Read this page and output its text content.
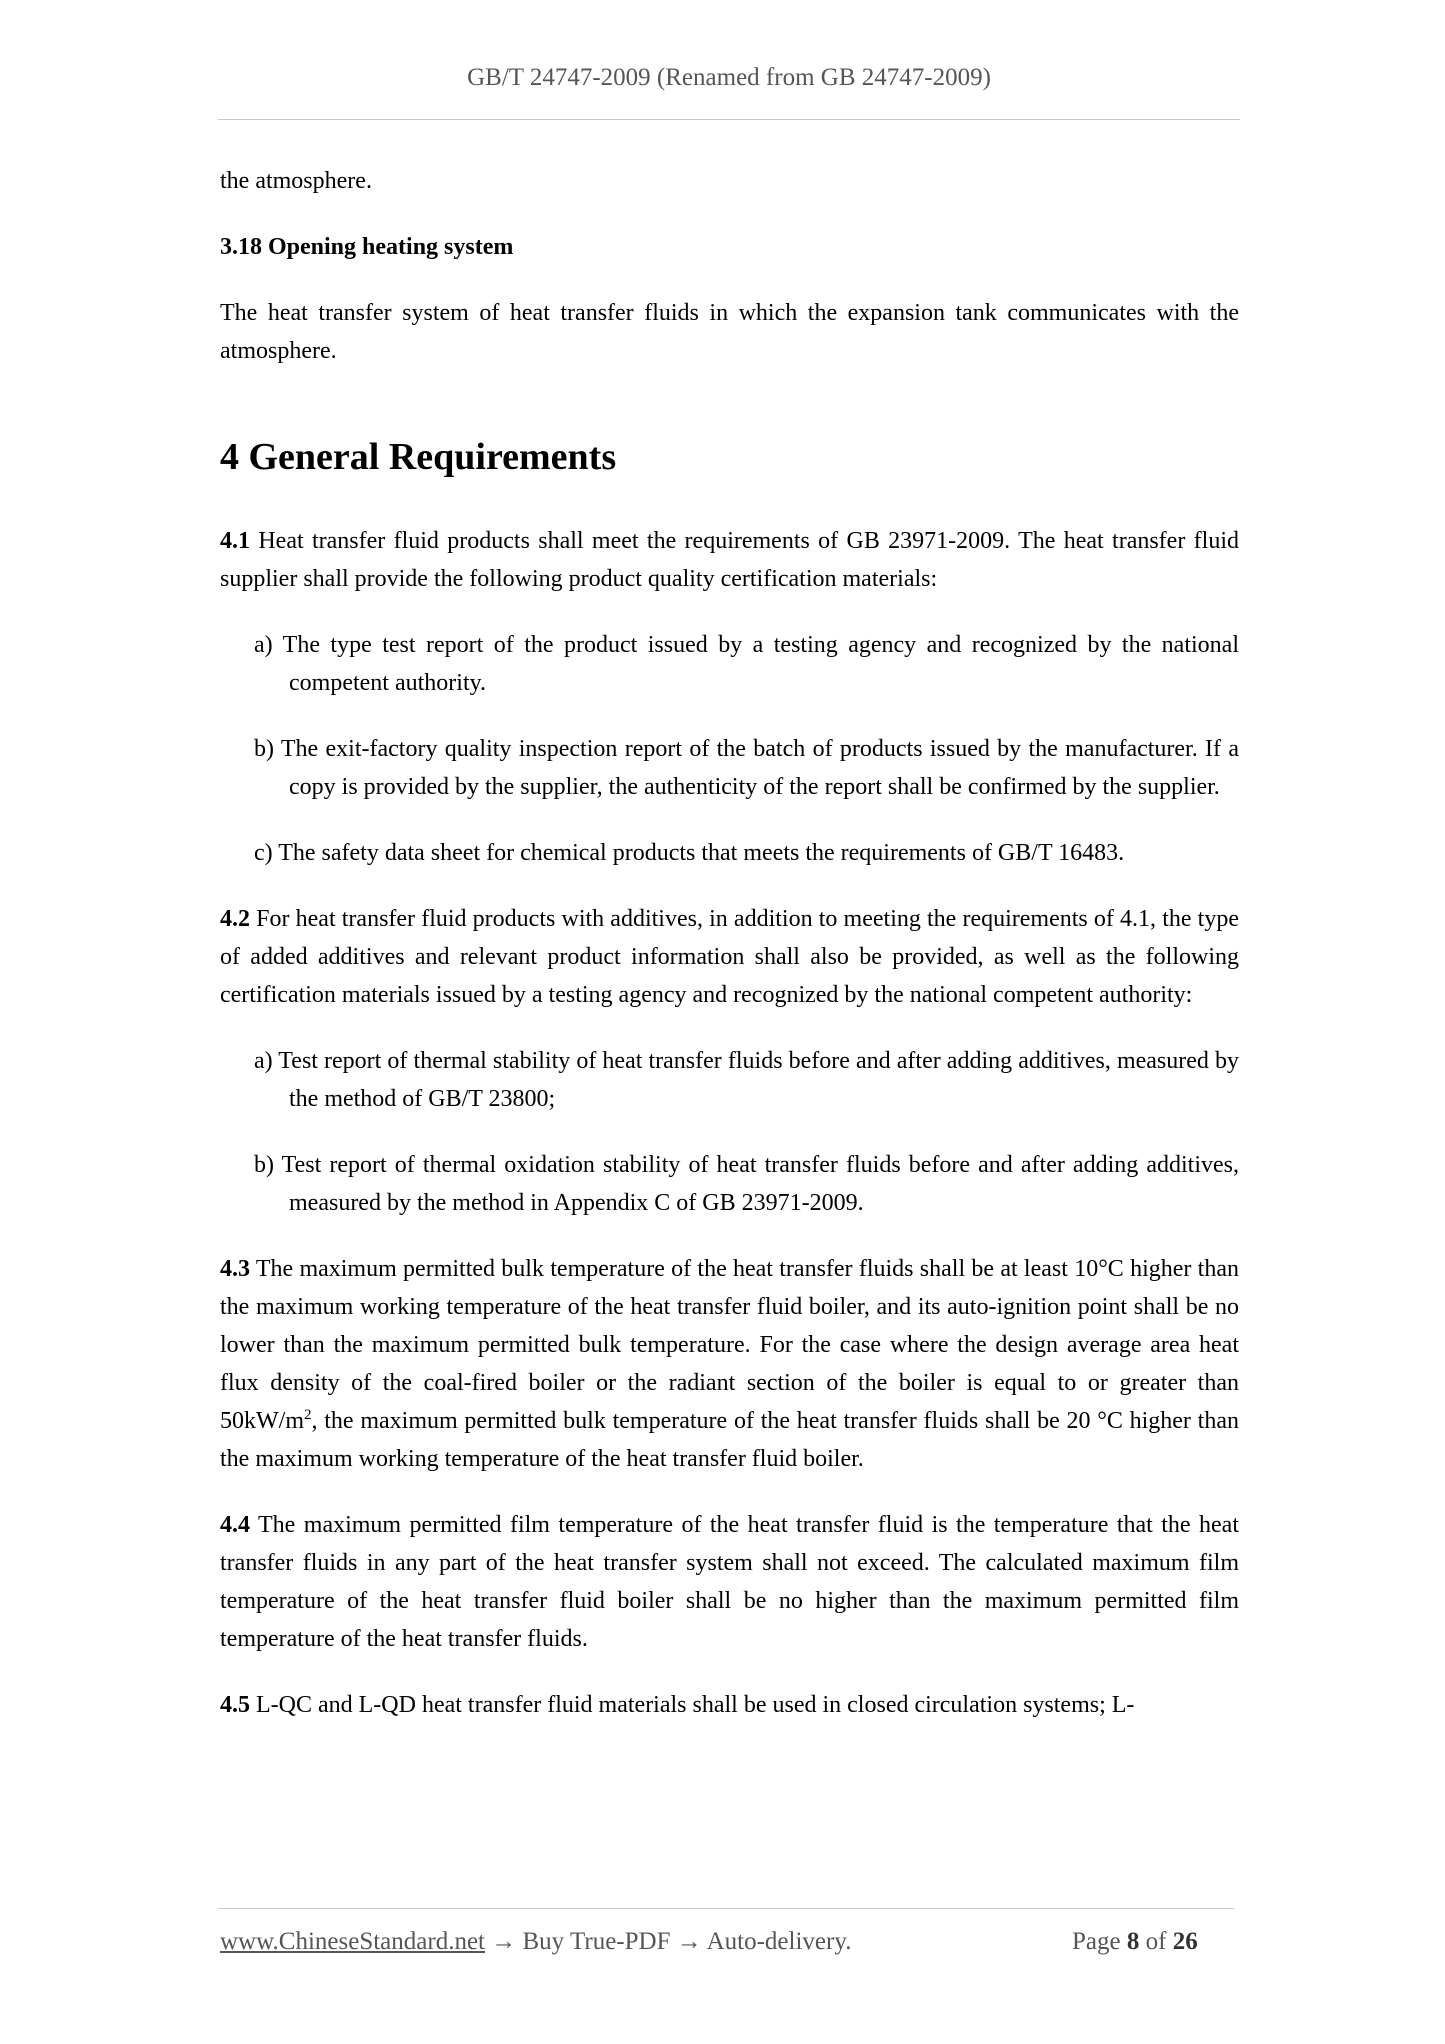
GB/T 24747-2009 (Renamed from GB 24747-2009)

the atmosphere.

3.18 Opening heating system

The heat transfer system of heat transfer fluids in which the expansion tank communicates with the atmosphere.

4 General Requirements

4.1 Heat transfer fluid products shall meet the requirements of GB 23971-2009. The heat transfer fluid supplier shall provide the following product quality certification materials:

a) The type test report of the product issued by a testing agency and recognized by the national competent authority.

b) The exit-factory quality inspection report of the batch of products issued by the manufacturer. If a copy is provided by the supplier, the authenticity of the report shall be confirmed by the supplier.

c) The safety data sheet for chemical products that meets the requirements of GB/T 16483.

4.2 For heat transfer fluid products with additives, in addition to meeting the requirements of 4.1, the type of added additives and relevant product information shall also be provided, as well as the following certification materials issued by a testing agency and recognized by the national competent authority:

a) Test report of thermal stability of heat transfer fluids before and after adding additives, measured by the method of GB/T 23800;

b) Test report of thermal oxidation stability of heat transfer fluids before and after adding additives, measured by the method in Appendix C of GB 23971-2009.

4.3 The maximum permitted bulk temperature of the heat transfer fluids shall be at least 10°C higher than the maximum working temperature of the heat transfer fluid boiler, and its auto-ignition point shall be no lower than the maximum permitted bulk temperature. For the case where the design average area heat flux density of the coal-fired boiler or the radiant section of the boiler is equal to or greater than $50kW/m^2$, the maximum permitted bulk temperature of the heat transfer fluids shall be 20 °C higher than the maximum working temperature of the heat transfer fluid boiler.

4.4 The maximum permitted film temperature of the heat transfer fluid is the temperature that the heat transfer fluids in any part of the heat transfer system shall not exceed. The calculated maximum film temperature of the heat transfer fluid boiler shall be no higher than the maximum permitted film temperature of the heat transfer fluids.

4.5 L-QC and L-QD heat transfer fluid materials shall be used in closed circulation systems; L-

www.ChineseStandard.net → Buy True-PDF → Auto-delivery.	Page 8 of 26
